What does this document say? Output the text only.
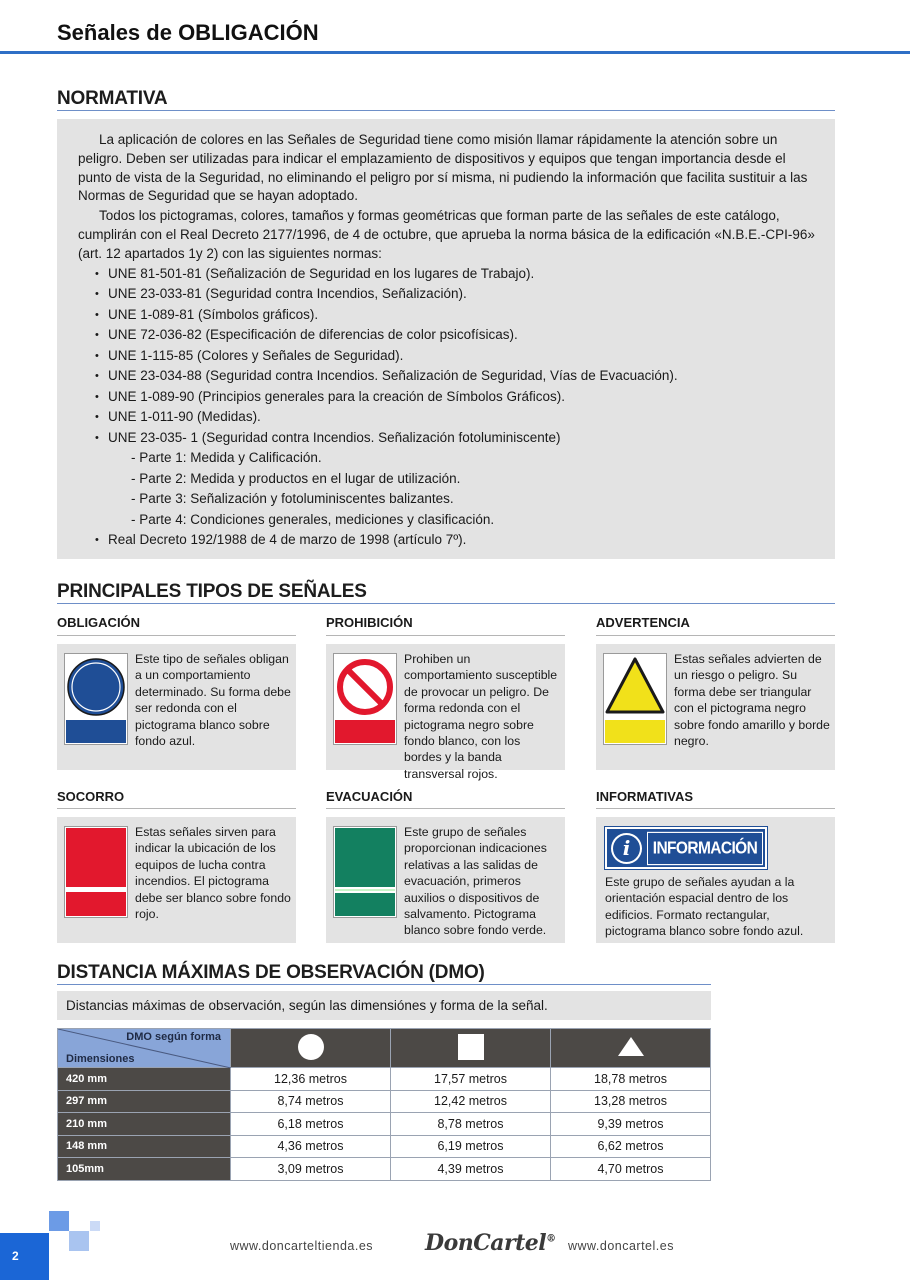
Señales de OBLIGACIÓN
NORMATIVA

La aplicación de colores en las Señales de Seguridad tiene como misión llamar rápidamente la atención sobre un peligro. Deben ser utilizadas para indicar el emplazamiento de dispositivos y equipos que tengan importancia desde el punto de vista de la Seguridad, no eliminando el peligro por sí misma, ni pudiendo la información que facilita sustituir a las Normas de Seguridad que se hayan adoptado.

Todos los pictogramas, colores, tamaños y formas geométricas que forman parte de las señales de este catálogo, cumplirán con el Real Decreto 2177/1996, de 4 de octubre, que aprueba la norma básica de la edificación «N.B.E.-CPI-96» (art. 12 apartados 1y 2) con las siguientes normas:

• UNE 81-501-81 (Señalización de Seguridad en los lugares de Trabajo).
• UNE 23-033-81 (Seguridad contra Incendios, Señalización).
• UNE 1-089-81 (Símbolos gráficos).
• UNE 72-036-82 (Especificación de diferencias de color psicofísicas).
• UNE 1-115-85 (Colores y Señales de Seguridad).
• UNE 23-034-88 (Seguridad contra Incendios. Señalización de Seguridad, Vías de Evacuación).
• UNE 1-089-90 (Principios generales para la creación de Símbolos Gráficos).
• UNE 1-011-90 (Medidas).
• UNE 23-035- 1 (Seguridad contra Incendios. Señalización fotoluminiscente)
- Parte 1: Medida y Calificación.
- Parte 2: Medida y productos en el lugar de utilización.
- Parte 3: Señalización y fotoluminiscentes balizantes.
- Parte 4: Condiciones generales, mediciones y clasificación.
• Real Decreto 192/1988 de 4 de marzo de 1998 (artículo 7º).
PRINCIPALES TIPOS DE SEÑALES
OBLIGACIÓN
Este tipo de señales obligan a un comportamiento determinado. Su forma debe ser redonda con el pictograma blanco sobre fondo azul.
PROHIBICIÓN
Prohiben un comportamiento susceptible de provocar un peligro. De forma redonda con el pictograma negro sobre fondo blanco, con los bordes y la banda transversal rojos.
ADVERTENCIA
Estas señales advierten de un riesgo o peligro. Su forma debe ser triangular con el pictograma negro sobre fondo amarillo y borde negro.
SOCORRO
Estas señales sirven para indicar la ubicación de los equipos de lucha contra incendios. El pictograma debe ser blanco sobre fondo rojo.
EVACUACIÓN
Este grupo de señales proporcionan indicaciones relativas a las salidas de evacuación, primeros auxilios o dispositivos de salvamento. Pictograma blanco sobre fondo verde.
INFORMATIVAS
i	INFORMACIÓN
Este grupo de señales ayudan a la orientación espacial dentro de los edificios. Formato rectangular, pictograma blanco sobre fondo azul.
DISTANCIA MÁXIMAS DE OBSERVACIÓN (DMO)
Distancias máximas de observación, según las dimensiónes y forma de la señal.
DMO según forma
Dimensiones

420 mm	12,36 metros	17,57 metros	18,78 metros
297 mm	8,74 metros	12,42 metros	13,28 metros
210 mm	6,18 metros	8,78 metros	9,39 metros
148 mm	4,36 metros	6,19 metros	6,62 metros
105mm	3,09 metros	4,39 metros	4,70 metros
2
www.doncarteltienda.es DonCartel® www.doncartel.es
